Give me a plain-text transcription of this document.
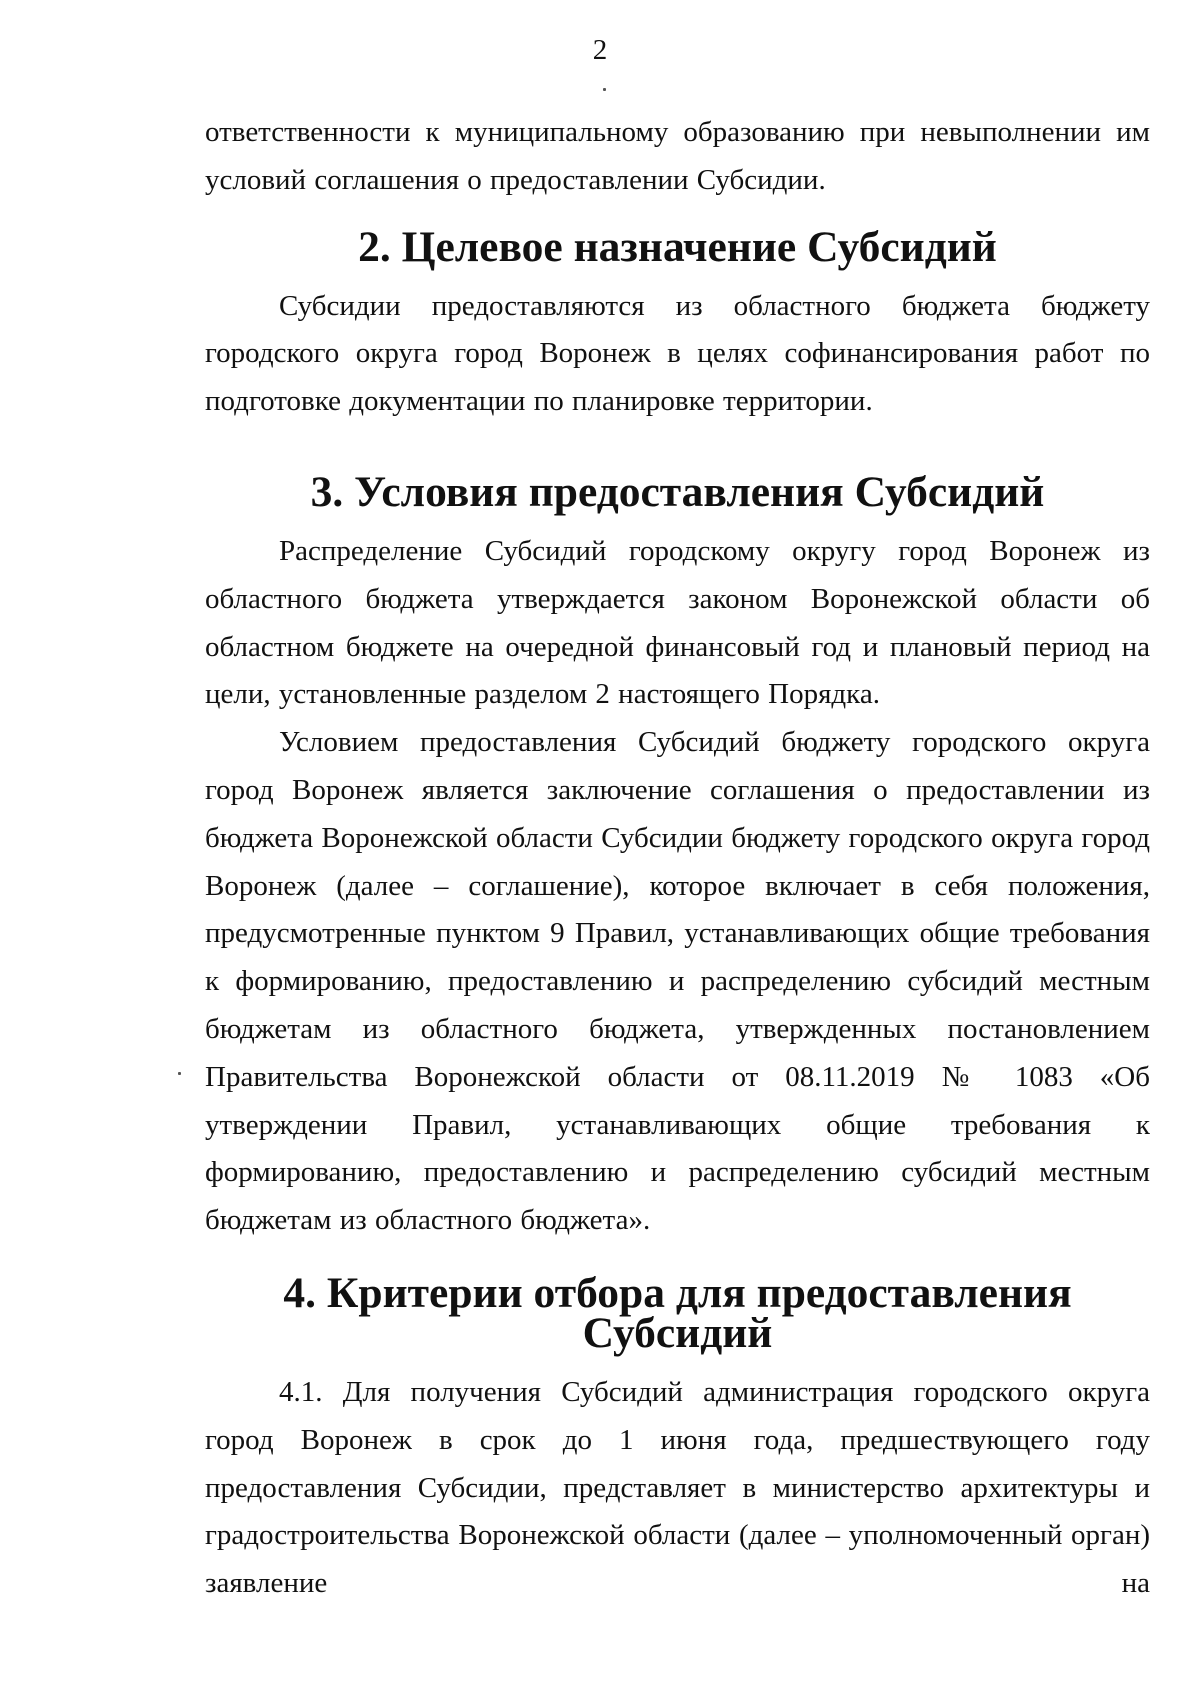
2

ответственности к муниципальному образованию при невыполнении им условий соглашения о предоставлении Субсидии.

2. Целевое назначение Субсидий

Субсидии предоставляются из областного бюджета бюджету городского округа город Воронеж в целях софинансирования работ по подготовке документации по планировке территории.

3. Условия предоставления Субсидий

Распределение Субсидий городскому округу город Воронеж из областного бюджета утверждается законом Воронежской области об областном бюджете на очередной финансовый год и плановый период на цели, установленные разделом 2 настоящего Порядка.

Условием предоставления Субсидий бюджету городского округа город Воронеж является заключение соглашения о предоставлении из бюджета Воронежской области Субсидии бюджету городского округа город Воронеж (далее – соглашение), которое включает в себя положения, предусмотренные пунктом 9 Правил, устанавливающих общие требования к формированию, предоставлению и распределению субсидий местным бюджетам из областного бюджета, утвержденных постановлением Правительства Воронежской области от 08.11.2019 № 1083 «Об утверждении Правил, устанавливающих общие требования к формированию, предоставлению и распределению субсидий местным бюджетам из областного бюджета».

4. Критерии отбора для предоставления Субсидий

4.1. Для получения Субсидий администрация городского округа город Воронеж в срок до 1 июня года, предшествующего году предоставления Субсидии, представляет в министерство архитектуры и градостроительства Воронежской области (далее – уполномоченный орган) заявление на
